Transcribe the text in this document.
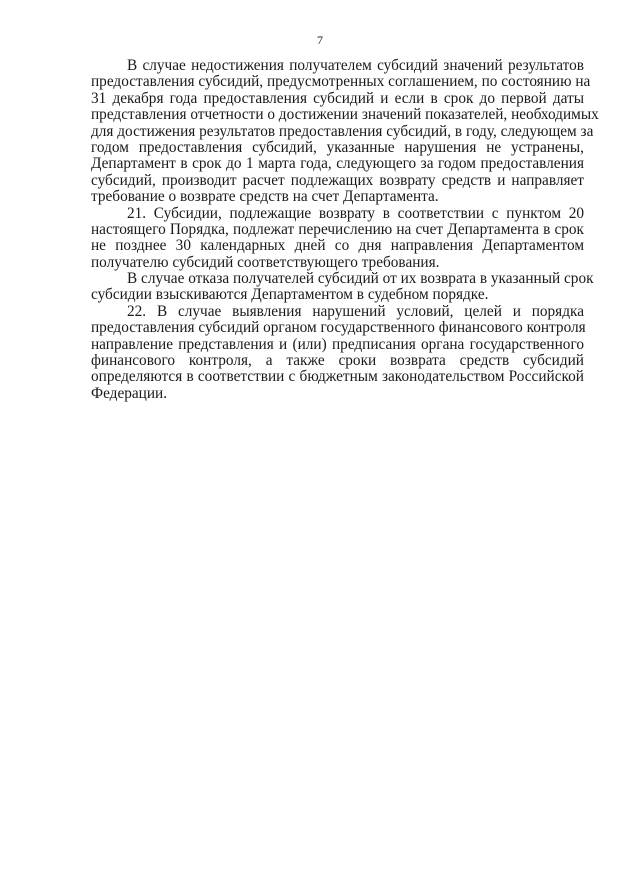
7
В случае недостижения получателем субсидий значений результатов
предоставления субсидий, предусмотренных соглашением, по состоянию на
31 декабря года предоставления субсидий и если в срок до первой даты
представления отчетности о достижении значений показателей, необходимых
для достижения результатов предоставления субсидий, в году, следующем за
годом предоставления субсидий, указанные нарушения не устранены,
Департамент в срок до 1 марта года, следующего за годом предоставления
субсидий, производит расчет подлежащих возврату средств и направляет
требование о возврате средств на счет Департамента.
21. Субсидии, подлежащие возврату в соответствии с пунктом 20
настоящего Порядка, подлежат перечислению на счет Департамента в срок
не позднее 30 календарных дней со дня направления Департаментом
получателю субсидий соответствующего требования.
В случае отказа получателей субсидий от их возврата в указанный срок
субсидии взыскиваются Департаментом в судебном порядке.
22. В случае выявления нарушений условий, целей и порядка
предоставления субсидий органом государственного финансового контроля
направление представления и (или) предписания органа государственного
финансового контроля, а также сроки возврата средств субсидий
определяются в соответствии с бюджетным законодательством Российской
Федерации.
